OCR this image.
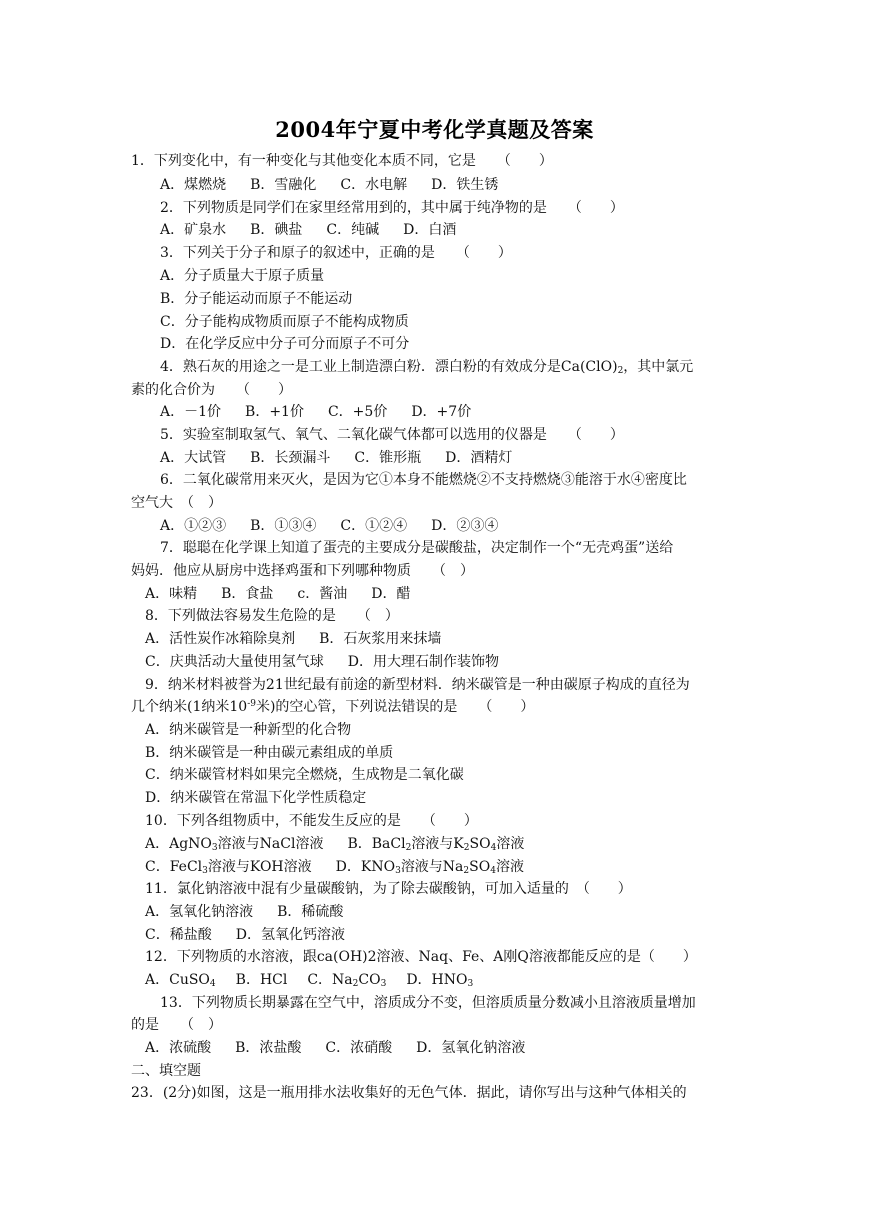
2004年宁夏中考化学真题及答案
1．下列变化中，有一种变化与其他变化本质不同，它是　　（　　）
A．煤燃烧 B．雪融化 C．水电解 D．铁生锈
2．下列物质是同学们在家里经常用到的，其中属于纯净物的是　　（　　）
A．矿泉水 B．碘盐 C．纯碱 D．白酒
3．下列关于分子和原子的叙述中，正确的是　　（　　）
A．分子质量大于原子质量
B．分子能运动而原子不能运动
C．分子能构成物质而原子不能构成物质
D．在化学反应中分子可分而原子不可分
4．熟石灰的用途之一是工业上制造漂白粉．漂白粉的有效成分是$Ca(ClO)_2$，其中氯元
素的化合价为　　（　　）
A．－1价 B．+1价 C．+5价 D．+7价
5．实验室制取氢气、氧气、二氧化碳气体都可以选用的仪器是　　（　　）
A．大试管 B．长颈漏斗 C．锥形瓶 D．酒精灯
6．二氧化碳常用来灭火，是因为它①本身不能燃烧②不支持燃烧③能溶于水④密度比
空气大　（　）
A．①②③ B．①③④ C．①②④ D．②③④
7．聪聪在化学课上知道了蛋壳的主要成分是碳酸盐，决定制作一个“无壳鸡蛋”送给
妈妈．他应从厨房中选择鸡蛋和下列哪种物质　　（　）
A．味精 B．食盐 c．酱油 D．醋
8．下列做法容易发生危险的是　　（　）
A．活性炭作冰箱除臭剂 B．石灰浆用来抹墙
C．庆典活动大量使用氢气球 D．用大理石制作装饰物
9．纳米材料被誉为21世纪最有前途的新型材料．纳米碳管是一种由碳原子构成的直径为
几个纳米(1纳米$10^{-9}$米)的空心管，下列说法错误的是　　（　　）
A．纳米碳管是一种新型的化合物
B．纳米碳管是一种由碳元素组成的单质
C．纳米碳管材料如果完全燃烧，生成物是二氧化碳
D．纳米碳管在常温下化学性质稳定
10．下列各组物质中，不能发生反应的是　　（　　）
A．AgNO$_3$溶液与NaCl溶液 B．BaCl$_2$溶液与$K_2SO_4$溶液
C．FeCl$_3$溶液与KOH溶液 D．$KNO_3$溶液与$Na_2SO_4$溶液
11．氯化钠溶液中混有少量碳酸钠，为了除去碳酸钠，可加入适量的　（　　）
A．氢氧化钠溶液 B．稀硫酸
C．稀盐酸 D．氢氧化钙溶液
12．下列物质的水溶液，跟ca(OH)2溶液、Naq、Fe、A刚Q溶液都能反应的是（　　）
A．CuSO$_4$ B．HCl C．$Na_2CO_3$ D．$HNO_3$
13．下列物质长期暴露在空气中，溶质成分不变，但溶质质量分数减小且溶液质量增加
的是　　（　）
A．浓硫酸 B．浓盐酸 C．浓硝酸 D．氢氧化钠溶液
二、填空题
23．(2分)如图，这是一瓶用排水法收集好的无色气体．据此，请你写出与这种气体相关的
